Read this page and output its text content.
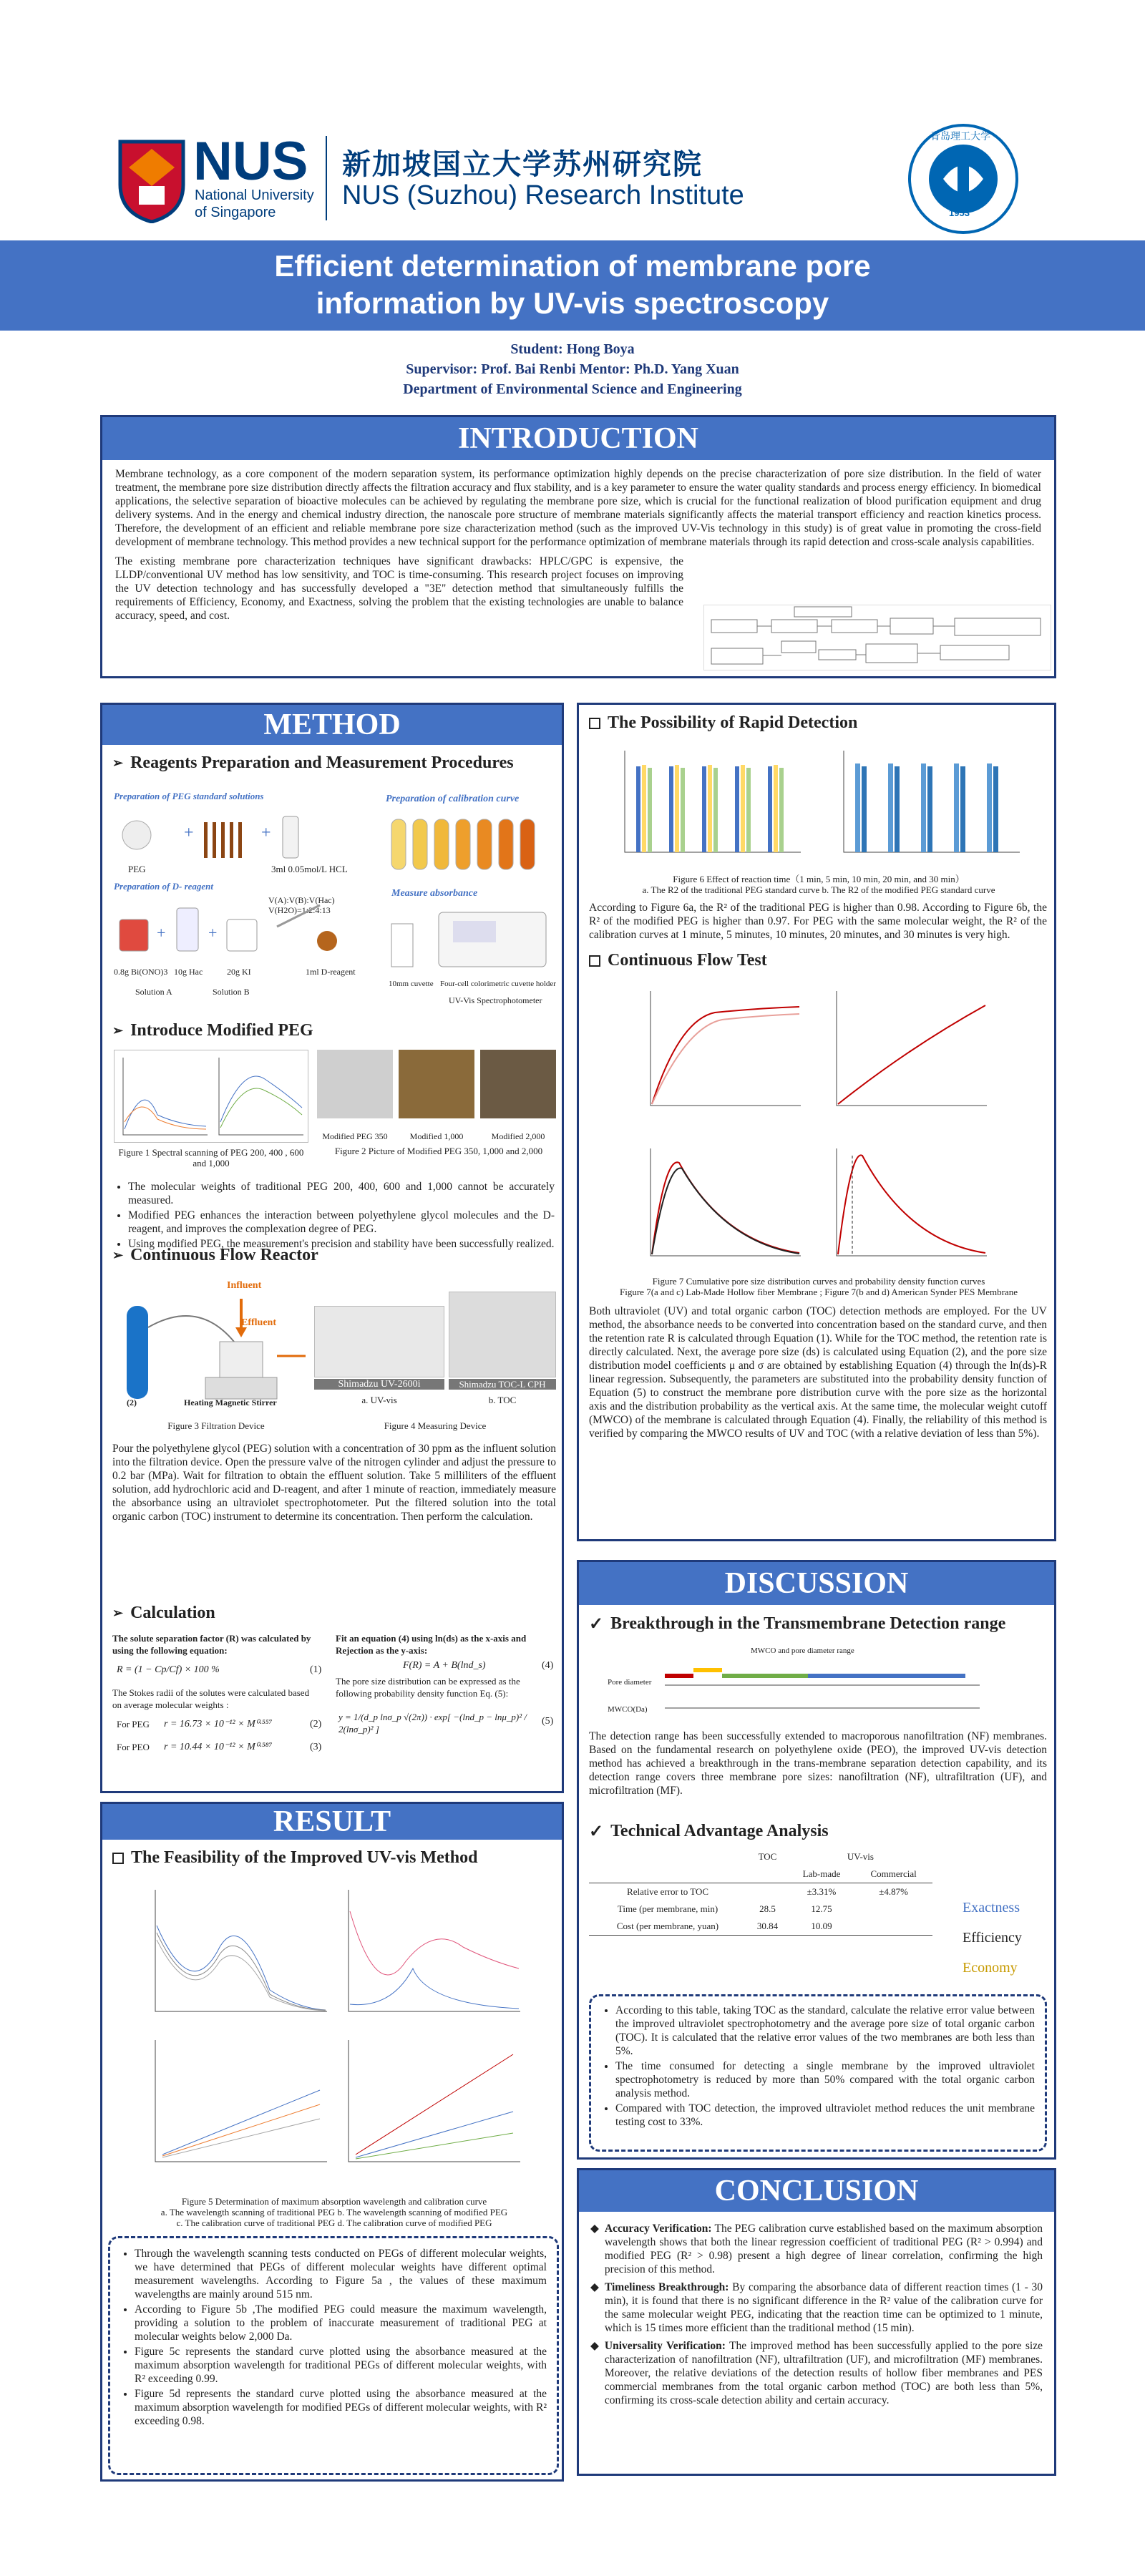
NUS
National University
of Singapore
新加坡国立大学苏州研究院
NUS (Suzhou) Research Institute
1953
青岛理工大学
Efficient determination of membrane pore
information by UV-vis spectroscopy
Student: Hong Boya
Supervisor: Prof. Bai Renbi Mentor: Ph.D. Yang Xuan
Department of Environmental Science and Engineering
INTRODUCTION
Membrane technology, as a core component of the modern separation system, its performance optimization highly depends on the precise characterization of pore size distribution. In the field of water treatment, the membrane pore size distribution directly affects the filtration accuracy and flux stability, and is a key parameter to ensure the water quality standards and process energy efficiency. In biomedical applications, the selective separation of bioactive molecules can be achieved by regulating the membrane pore size, which is crucial for the functional realization of blood purification equipment and drug delivery systems. And in the energy and chemical industry direction, the nanoscale pore structure of membrane materials significantly affects the material transport efficiency and reaction kinetics process. Therefore, the development of an efficient and reliable membrane pore size characterization method (such as the improved UV-Vis technology in this study) is of great value in promoting the cross-field development of membrane technology. This method provides a new technical support for the performance optimization of membrane materials through its rapid detection and cross-scale analysis capabilities.
The existing membrane pore characterization techniques have significant drawbacks: HPLC/GPC is expensive, the LLDP/conventional UV method has low sensitivity, and TOC is time-consuming. This research project focuses on improving the UV detection technology and has successfully developed a "3E" detection method that simultaneously fulfills the requirements of Efficiency, Economy, and Exactness, solving the problem that the existing technologies are unable to balance accuracy, speed, and cost.
METHOD
➢ Reagents Preparation and Measurement Procedures
Preparation of PEG standard solutions	Preparation of calibration curve
+	+
PEG	3ml 0.05mol/L HCL
Preparation of D- reagent
V(A):V(B):V(Hac)
V(H2O)=1:2:4:13
+	+
0.8g Bi(ONO)3 10g Hac	20g KI	1ml D-reagent
Solution A	Solution B
Measure absorbance
10mm cuvette Four-cell colorimetric cuvette holder
UV-Vis Spectrophotometer
➢ Introduce Modified PEG
Modified PEG 350	Modified 1,000	Modified 2,000
Figure 1 Spectral scanning of PEG 200, 400 , 600 and 1,000
Figure 2 Picture of Modified PEG 350, 1,000 and 2,000
• The molecular weights of traditional PEG 200, 400, 600 and 1,000 cannot be accurately measured.
• Modified PEG enhances the interaction between polyethylene glycol molecules and the D-reagent, and improves the complexation degree of PEG.
• Using modified PEG, the measurement's precision and stability have been successfully realized.
➢ Continuous Flow Reactor
Influent
Effluent
(2)	Heating Magnetic Stirrer
Figure 3 Filtration Device
Shimadzu UV-2600i	Shimadzu TOC-L CPH
a. UV-vis	b. TOC
Figure 4 Measuring Device
Pour the polyethylene glycol (PEG) solution with a concentration of 30 ppm as the influent solution into the filtration device. Open the pressure valve of the nitrogen cylinder and adjust the pressure to 0.2 bar (MPa). Wait for filtration to obtain the effluent solution. Take 5 milliliters of the effluent solution, add hydrochloric acid and D-reagent, and after 1 minute of reaction, immediately measure the absorbance using an ultraviolet spectrophotometer. Put the filtered solution into the total organic carbon (TOC) instrument to determine its concentration. Then perform the calculation.
➢ Calculation
The solute separation factor (R) was calculated by using the following equation:
R = (1 − Cp/Cf) × 100 %	(1)
The Stokes radii of the solutes were calculated based on average molecular weights :
For PEG r = 16.73 × 10⁻¹² × M⁰·⁵⁵⁷	(2)
For PEO r = 10.44 × 10⁻¹² × M⁰·⁵⁸⁷	(3)
Fit an equation (4) using ln(ds) as the x-axis and Rejection as the y-axis:
F(R) = A + B(lnd_s)	(4)
The pore size distribution can be expressed as the following probability density function Eq. (5):
y = 1/(d_p lnσ_p √(2π)) · exp[ −(lnd_p − lnμ_p)² / 2(lnσ_p)² ]
(5)
RESULT
The Feasibility of the Improved UV-vis Method
Figure 5 Determination of maximum absorption wavelength and calibration curve
a. The wavelength scanning of traditional PEG b. The wavelength scanning of modified PEG
c. The calibration curve of traditional PEG d. The calibration curve of modified PEG
• Through the wavelength scanning tests conducted on PEGs of different molecular weights, we have determined that PEGs of different molecular weights have different optimal measurement wavelengths. According to Figure 5a , the values of these maximum wavelengths are mainly around 515 nm.
• According to Figure 5b ,The modified PEG could measure the maximum wavelength, providing a solution to the problem of inaccurate measurement of traditional PEG at molecular weights below 2,000 Da.
• Figure 5c represents the standard curve plotted using the absorbance measured at the maximum absorption wavelength for traditional PEGs of different molecular weights, with R² exceeding 0.99.
• Figure 5d represents the standard curve plotted using the absorbance measured at the maximum absorption wavelength for modified PEGs of different molecular weights, with R² exceeding 0.98.
The Possibility of Rapid Detection
Figure 6 Effect of reaction time（1 min, 5 min, 10 min, 20 min, and 30 min）
a. The R2 of the traditional PEG standard curve b. The R2 of the modified PEG standard curve
According to Figure 6a, the R² of the traditional PEG is higher than 0.98. According to Figure 6b, the R² of the modified PEG is higher than 0.97. For PEG with the same molecular weight, the R² of the calibration curves at 1 minute, 5 minutes, 10 minutes, 20 minutes, and 30 minutes is very high.
Continuous Flow Test
Figure 7 Cumulative pore size distribution curves and probability density function curves
Figure 7(a and c) Lab-Made Hollow fiber Membrane ; Figure 7(b and d) American Synder PES Membrane
Both ultraviolet (UV) and total organic carbon (TOC) detection methods are employed. For the UV method, the absorbance needs to be converted into concentration based on the standard curve, and then the retention rate R is calculated through Equation (1). While for the TOC method, the retention rate is directly calculated. Next, the average pore size (ds) is calculated using Equation (2), and the pore size distribution model coefficients μ and σ are obtained by establishing Equation (4) through the ln(ds)-R linear regression. Subsequently, the parameters are substituted into the probability density function of Equation (5) to construct the membrane pore distribution curve with the pore size as the horizontal axis and the distribution probability as the vertical axis. At the same time, the molecular weight cutoff (MWCO) of the membrane is calculated through Equation (4). Finally, the reliability of this method is verified by comparing the MWCO results of UV and TOC (with a relative deviation of less than 5%).
DISCUSSION
✓ Breakthrough in the Transmembrane Detection range
MWCO and pore diameter range
Pore diameter
MWCO(Da)
The detection range has been successfully extended to macroporous nanofiltration (NF) membranes. Based on the fundamental research on polyethylene oxide (PEO), the improved UV-vis detection method has achieved a breakthrough in the trans-membrane separation detection capability, and its detection range covers three membrane pore sizes: nanofiltration (NF), ultrafiltration (UF), and microfiltration (MF).
✓ Technical Advantage Analysis
	TOC	UV-vis	
		Lab-made	Commercial
Relative error to TOC		±3.31%	±4.87%
Time (per membrane, min)	28.5	12.75	
Cost (per membrane, yuan)	30.84	10.09	
Exactness
Efficiency
Economy
• According to this table, taking TOC as the standard, calculate the relative error value between the improved ultraviolet spectrophotometry and the average pore size of total organic carbon (TOC). It is calculated that the relative error values of the two membranes are both less than 5%.
• The time consumed for detecting a single membrane by the improved ultraviolet spectrophotometry is reduced by more than 50% compared with the total organic carbon analysis method.
• Compared with TOC detection, the improved ultraviolet method reduces the unit membrane testing cost to 33%.
CONCLUSION
◆ Accuracy Verification: The PEG calibration curve established based on the maximum absorption wavelength shows that both the linear regression coefficient of traditional PEG (R² > 0.994) and modified PEG (R² > 0.98) present a high degree of linear correlation, confirming the high precision of this method.
◆ Timeliness Breakthrough: By comparing the absorbance data of different reaction times (1 - 30 min), it is found that there is no significant difference in the R² value of the calibration curve for the same molecular weight PEG, indicating that the reaction time can be optimized to 1 minute, which is 15 times more efficient than the traditional method (15 min).
◆ Universality Verification: The improved method has been successfully applied to the pore size characterization of nanofiltration (NF), ultrafiltration (UF), and microfiltration (MF) membranes. Moreover, the relative deviations of the detection results of hollow fiber membranes and PES commercial membranes from the total organic carbon method (TOC) are both less than 5%, confirming its cross-scale detection ability and certain accuracy.
